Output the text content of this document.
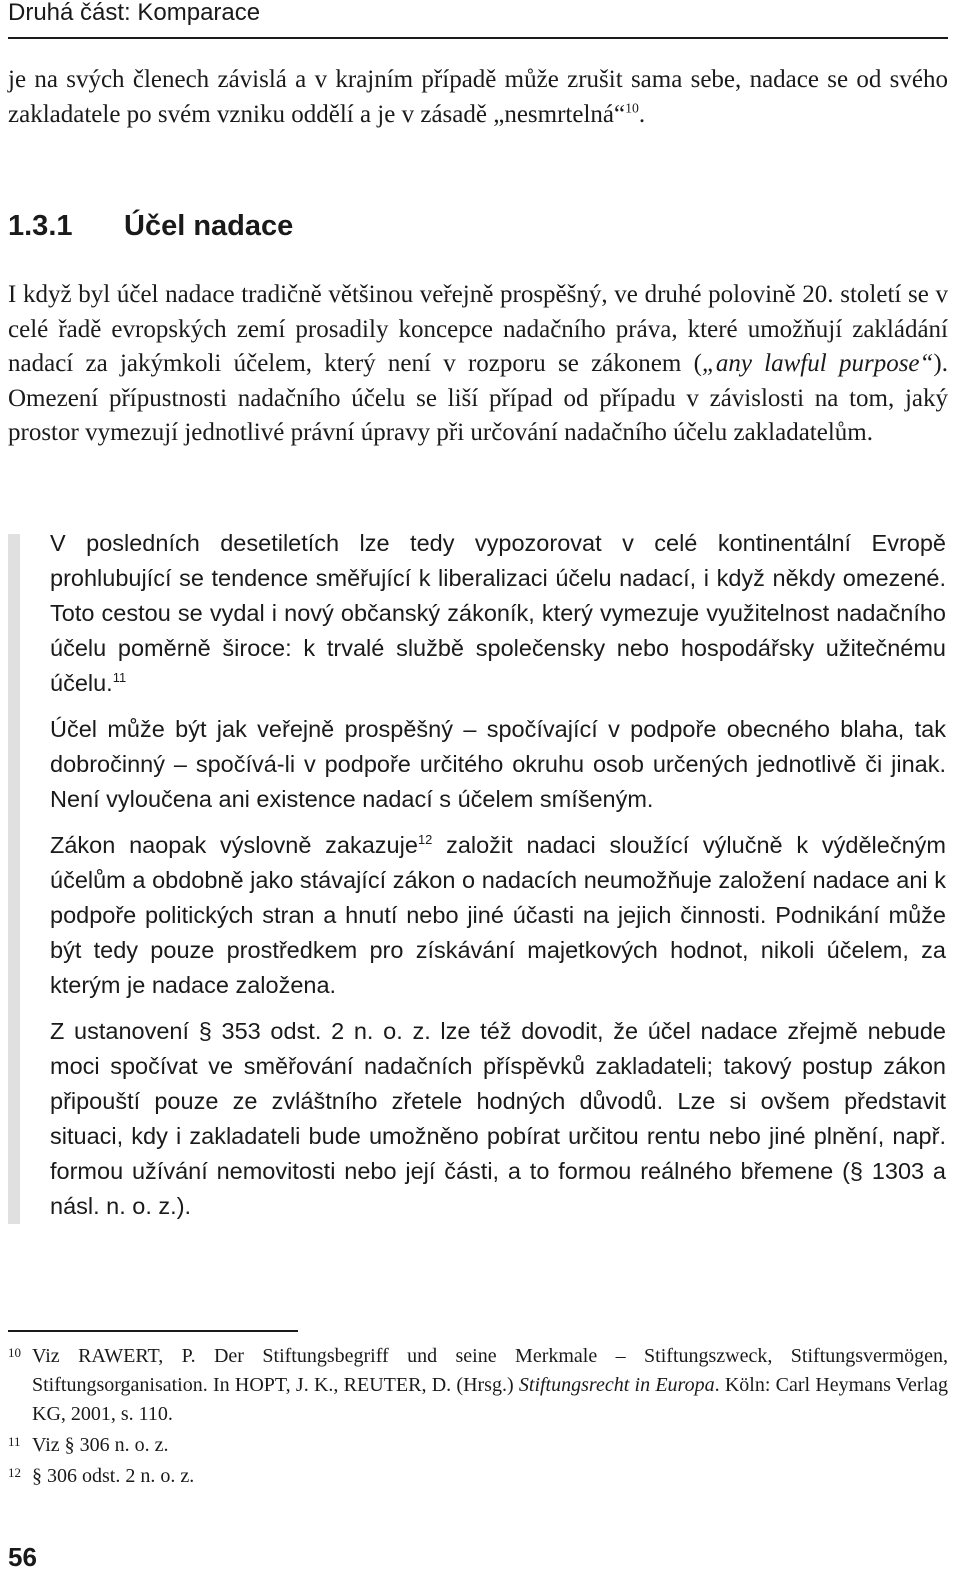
Druhá část: Komparace

je na svých členech závislá a v krajním případě může zrušit sama sebe, nadace se od svého zakladatele po svém vzniku oddělí a je v zásadě „nesmrtelná“$^{10}$.

1.3.1 Účel nadace

I když byl účel nadace tradičně většinou veřejně prospěšný, ve druhé polovině 20. století se v celé řadě evropských zemí prosadily koncepce nadačního práva, které umožňují zakládání nadací za jakýmkoli účelem, který není v rozporu se zákonem („any lawful purpose“). Omezení přípustnosti nadačního účelu se liší případ od případu v závislosti na tom, jaký prostor vymezují jednotlivé právní úpravy při určování nadačního účelu zakladatelům.

V posledních desetiletích lze tedy vypozorovat v celé kontinentální Evropě prohlubující se tendence směřující k liberalizaci účelu nadací, i když někdy omezené. Toto cestou se vydal i nový občanský zákoník, který vymezuje využitelnost nadačního účelu poměrně široce: k trvalé službě společensky nebo hospodářsky užitečnému účelu.$^{11}$

Účel může být jak veřejně prospěšný – spočívající v podpoře obecného blaha, tak dobročinný – spočívá-li v podpoře určitého okruhu osob určených jednotlivě či jinak. Není vyloučena ani existence nadací s účelem smíšeným.

Zákon naopak výslovně zakazuje$^{12}$ založit nadaci sloužící výlučně k výdělečným účelům a obdobně jako stávající zákon o nadacích neumožňuje založení nadace ani k podpoře politických stran a hnutí nebo jiné účasti na jejich činnosti. Podnikání může být tedy pouze prostředkem pro získávání majetkových hodnot, nikoli účelem, za kterým je nadace založena.

Z ustanovení § 353 odst. 2 n. o. z. lze též dovodit, že účel nadace zřejmě nebude moci spočívat ve směřování nadačních příspěvků zakladateli; takový postup zákon připouští pouze ze zvláštního zřetele hodných důvodů. Lze si ovšem představit situaci, kdy i zakladateli bude umožněno pobírat určitou rentu nebo jiné plnění, např. formou užívání nemovitosti nebo její části, a to formou reálného břemene (§ 1303 a násl. n. o. z.).

10 Viz RAWERT, P. Der Stiftungsbegriff und seine Merkmale – Stiftungszweck, Stiftungsvermögen, Stiftungsorganisation. In HOPT, J. K., REUTER, D. (Hrsg.) Stiftungsrecht in Europa. Köln: Carl Heymans Verlag KG, 2001, s. 110.

11 Viz § 306 n. o. z.

12 § 306 odst. 2 n. o. z.

56
